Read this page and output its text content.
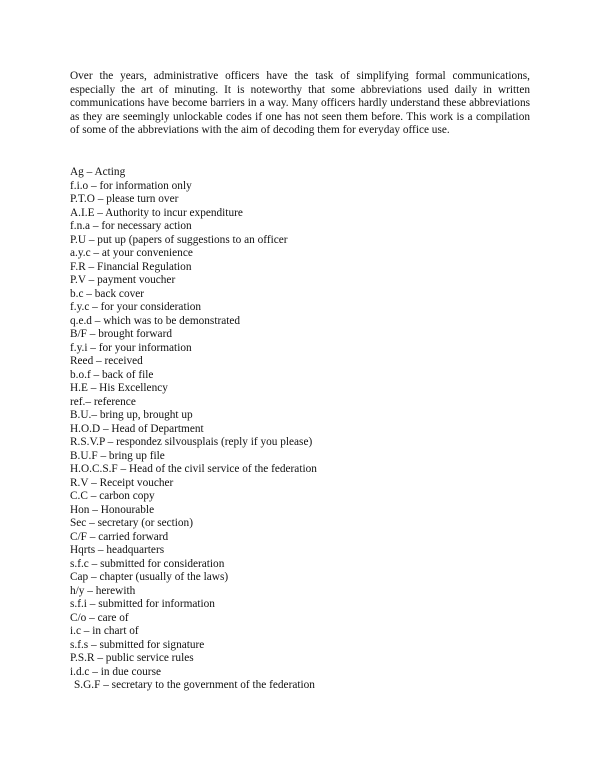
Over the years, administrative officers have the task of simplifying formal communications, especially the art of minuting. It is noteworthy that some abbreviations used daily in written communications have become barriers in a way. Many officers hardly understand these abbreviations as they are seemingly unlockable codes if one has not seen them before. This work is a compilation of some of the abbreviations with the aim of decoding them for everyday office use.

Ag – Acting
f.i.o – for information only
P.T.O – please turn over
A.I.E – Authority to incur expenditure
f.n.a – for necessary action
P.U – put up (papers of suggestions to an officer
a.y.c – at your convenience
F.R – Financial Regulation
P.V – payment voucher
b.c – back cover
f.y.c – for your consideration
q.e.d – which was to be demonstrated
B/F – brought forward
f.y.i – for your information
Reed – received
b.o.f – back of file
H.E – His Excellency
ref.– reference
B.U.– bring up, brought up
H.O.D – Head of Department
R.S.V.P – respondez silvousplais (reply if you please)
B.U.F – bring up file
H.O.C.S.F – Head of the civil service of the federation
R.V – Receipt voucher
C.C – carbon copy
Hon – Honourable
Sec – secretary (or section)
C/F – carried forward
Hqrts – headquarters
s.f.c – submitted for consideration
Cap – chapter (usually of the laws)
h/y – herewith
s.f.i – submitted for information
C/o – care of
i.c – in chart of
s.f.s – submitted for signature
P.S.R – public service rules
i.d.c – in due course
S.G.F – secretary to the government of the federation
